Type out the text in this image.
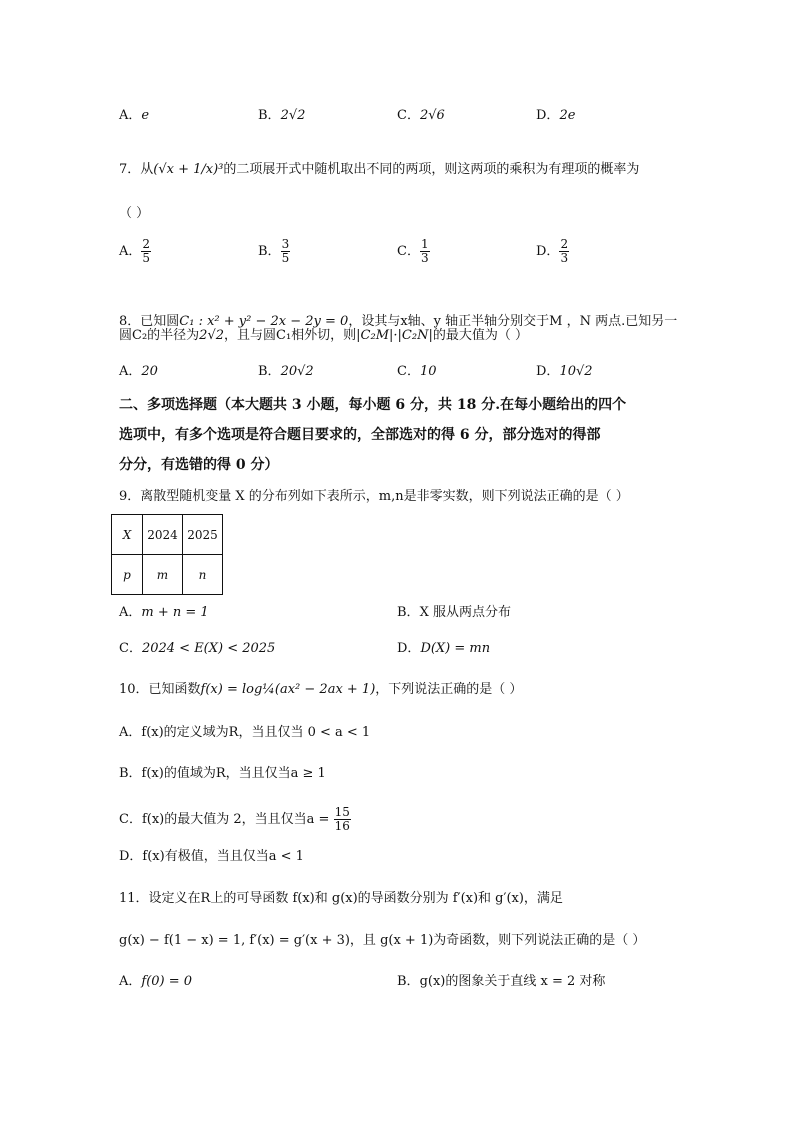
A．e	B．2√2	C．2√6	D．2e
7．从(√x + 1/x)³的二项展开式中随机取出不同的两项，则这两项的乘积为有理项的概率为
（ ）
A． $\frac{2}{5}$	B． $\frac{3}{5}$	C． $\frac{1}{3}$	D． $\frac{2}{3}$
8．已知圆C₁ : x² + y² − 2x − 2y = 0，设其与x轴、y 轴正半轴分别交于M ，N 两点.已知另一
圆C₂的半径为2√2，且与圆C₁相外切，则|C₂M|·|C₂N|的最大值为（ ）
A．20	B．20√2	C．10	D．10√2
二、多项选择题（本大题共 3 小题，每小题 6 分，共 18 分.在每小题给出的四个
选项中，有多个选项是符合题目要求的，全部选对的得 6 分，部分选对的得部
分分，有选错的得 0 分）
9．离散型随机变量 X 的分布列如下表所示，m,n是非零实数，则下列说法正确的是（ ）
X	2024	2025
p	m	n
A．m + n = 1	B．X 服从两点分布
C．2024 < E(X) < 2025	D．D(X) = mn
10．已知函数f(x) = log¼(ax² − 2ax + 1)，下列说法正确的是（ ）
A．f(x)的定义域为R，当且仅当 0 < a < 1
B．f(x)的值域为R，当且仅当a ≥ 1
C．f(x)的最大值为 2，当且仅当$a = \frac{15}{16}$
D．f(x)有极值，当且仅当a < 1
11．设定义在R上的可导函数 f(x)和 g(x)的导函数分别为 f′(x)和 g′(x)，满足
g(x) − f(1 − x) = 1, f′(x) = g′(x + 3)，且 g(x + 1)为奇函数，则下列说法正确的是（ ）
A．f(0) = 0	B．g(x)的图象关于直线 x = 2 对称
